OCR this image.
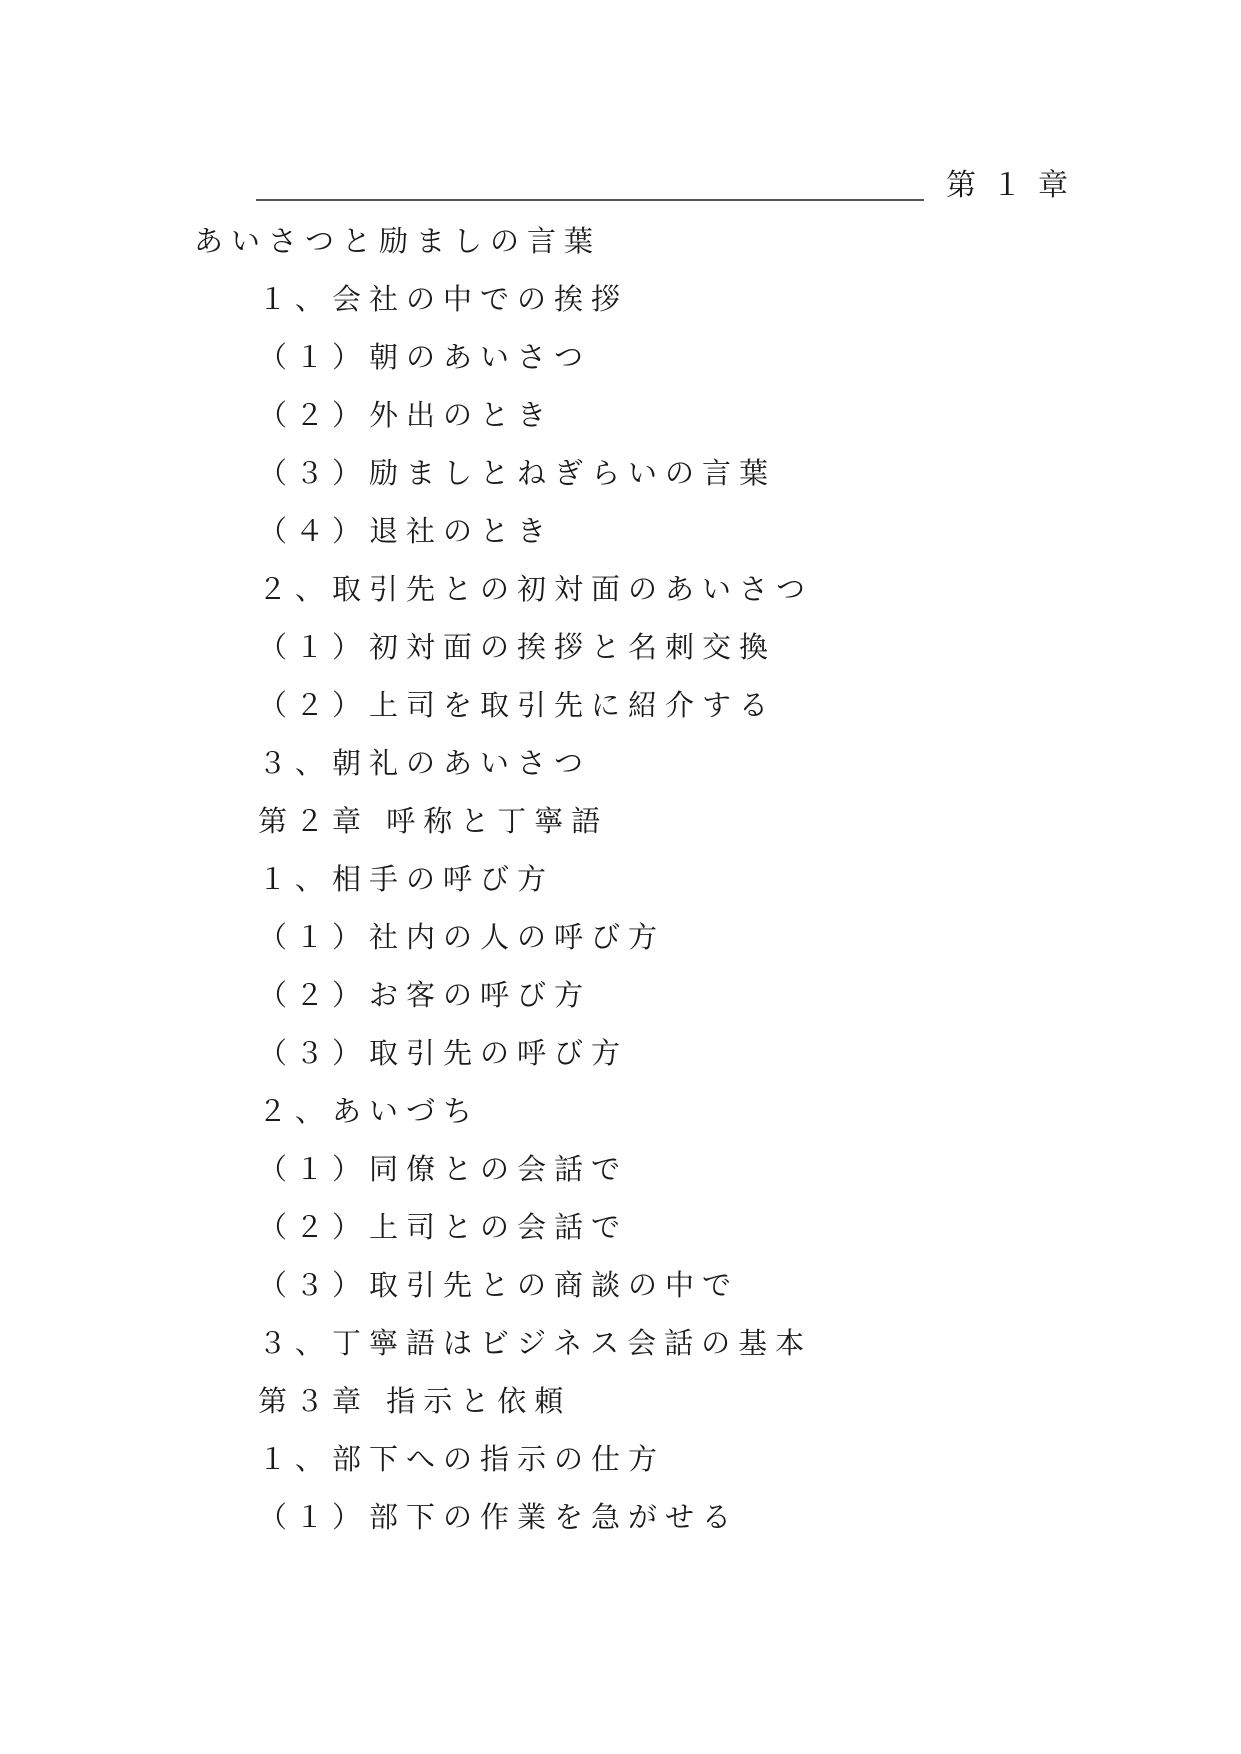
第１章
あいさつと励ましの言葉
１、会社の中での挨拶
（１）朝のあいさつ
（２）外出のとき
（３）励ましとねぎらいの言葉
（４）退社のとき
２、取引先との初対面のあいさつ
（１）初対面の挨拶と名刺交換
（２）上司を取引先に紹介する
３、朝礼のあいさつ
第２章 呼称と丁寧語
１、相手の呼び方
（１）社内の人の呼び方
（２）お客の呼び方
（３）取引先の呼び方
２、あいづち
（１）同僚との会話で
（２）上司との会話で
（３）取引先との商談の中で
３、丁寧語はビジネス会話の基本
第３章 指示と依頼
１、部下への指示の仕方
（１）部下の作業を急がせる
